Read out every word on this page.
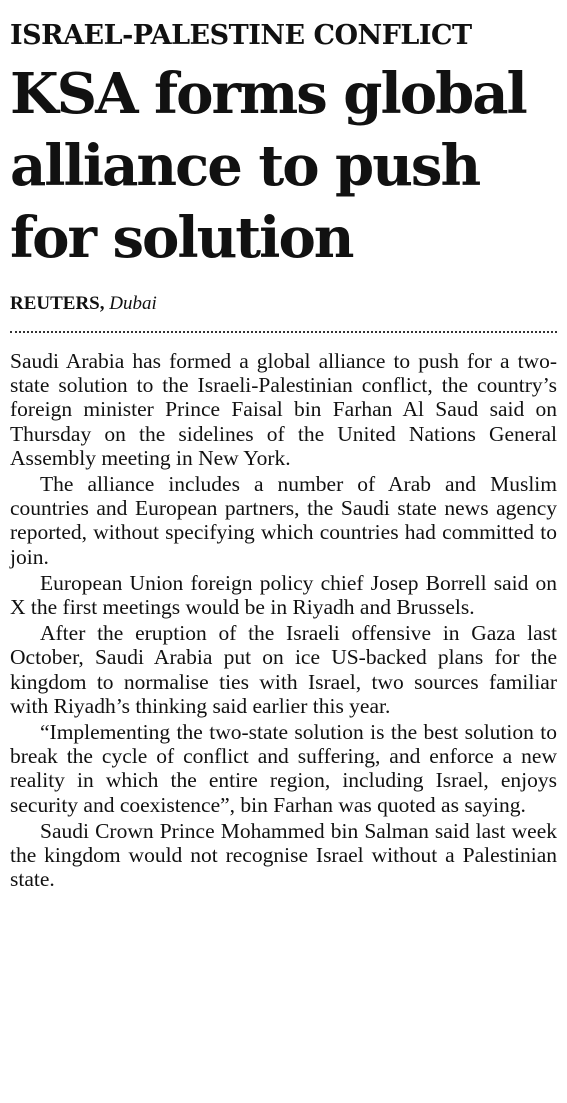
ISRAEL-PALESTINE CONFLICT
KSA forms global alliance to push for solution
REUTERS, Dubai

Saudi Arabia has formed a global alliance to push for a two-state solution to the Israeli-Palestinian conflict, the country’s foreign minister Prince Faisal bin Farhan Al Saud said on Thursday on the sidelines of the United Nations General Assembly meeting in New York.

The alliance includes a number of Arab and Muslim countries and European partners, the Saudi state news agency reported, without specifying which countries had committed to join.

European Union foreign policy chief Josep Borrell said on X the first meetings would be in Riyadh and Brussels.

After the eruption of the Israeli offensive in Gaza last October, Saudi Arabia put on ice US-backed plans for the kingdom to normalise ties with Israel, two sources familiar with Riyadh’s thinking said earlier this year.

“Implementing the two-state solution is the best solution to break the cycle of conflict and suffering, and enforce a new reality in which the entire region, including Israel, enjoys security and coexistence”, bin Farhan was quoted as saying.

Saudi Crown Prince Mohammed bin Salman said last week the kingdom would not recognise Israel without a Palestinian state.
